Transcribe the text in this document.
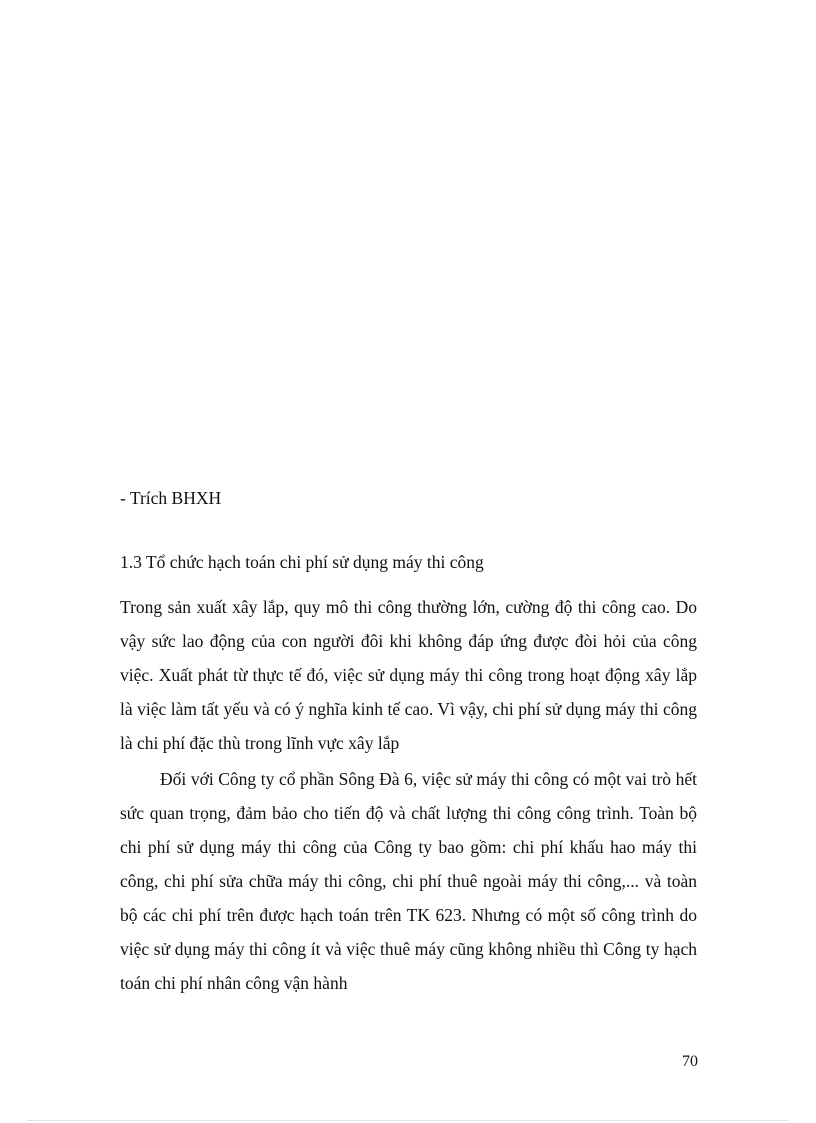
- Trích BHXH
1.3 Tổ chức hạch toán chi phí sử dụng máy thi công

Trong sản xuất xây lắp, quy mô thi công thường lớn, cường độ thi công cao. Do vậy sức lao động của con người đôi khi không đáp ứng được đòi hỏi của công việc. Xuất phát từ thực tế đó, việc sử dụng máy thi công trong hoạt động xây lắp là việc làm tất yếu và có ý nghĩa kinh tế cao. Vì vậy, chi phí sử dụng máy thi công là chi phí đặc thù trong lĩnh vực xây lắp

Đối với Công ty cổ phần Sông Đà 6, việc sử máy thi công có một vai trò hết sức quan trọng, đảm bảo cho tiến độ và chất lượng thi công công trình. Toàn bộ chi phí sử dụng máy thi công của Công ty bao gồm: chi phí khấu hao máy thi công, chi phí sửa chữa máy thi công, chi phí thuê ngoài máy thi công,... và toàn bộ các chi phí trên được hạch toán trên TK 623. Nhưng có một số công trình do việc sử dụng máy thi công ít và việc thuê máy cũng không nhiều thì Công ty hạch toán chi phí nhân công vận hành

70
